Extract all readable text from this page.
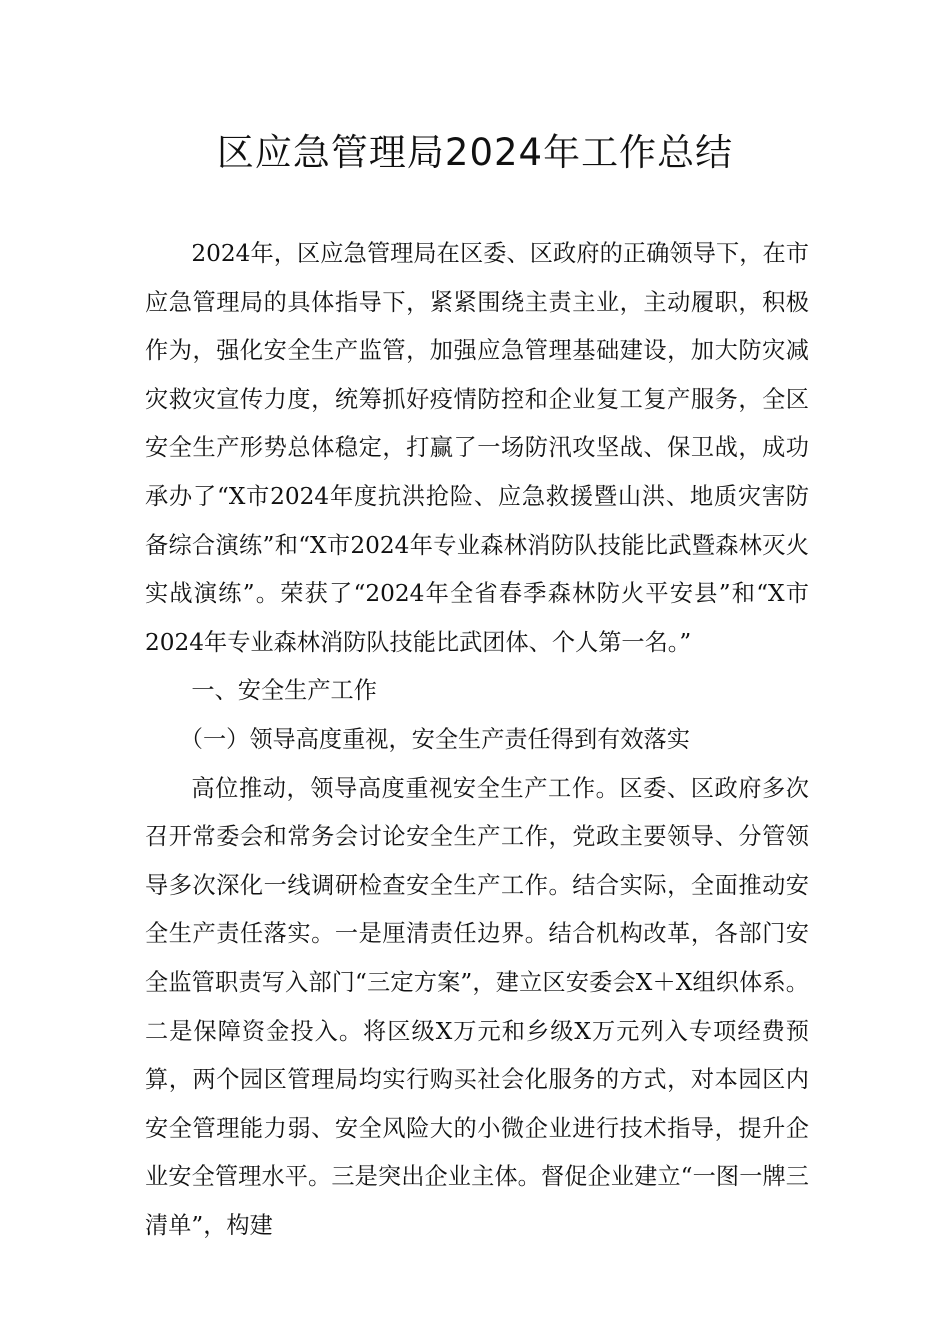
区应急管理局2024年工作总结

2024年，区应急管理局在区委、区政府的正确领导下，在市应急管理局的具体指导下，紧紧围绕主责主业，主动履职，积极作为，强化安全生产监管，加强应急管理基础建设，加大防灾减灾救灾宣传力度，统筹抓好疫情防控和企业复工复产服务，全区安全生产形势总体稳定，打赢了一场防汛攻坚战、保卫战，成功承办了“X市2024年度抗洪抢险、应急救援暨山洪、地质灾害防备综合演练”和“X市2024年专业森林消防队技能比武暨森林灭火实战演练”。荣获了“2024年全省春季森林防火平安县”和“X市2024年专业森林消防队技能比武团体、个人第一名。”

一、安全生产工作

（一）领导高度重视，安全生产责任得到有效落实

高位推动，领导高度重视安全生产工作。区委、区政府多次召开常委会和常务会讨论安全生产工作，党政主要领导、分管领导多次深化一线调研检查安全生产工作。结合实际，全面推动安全生产责任落实。一是厘清责任边界。结合机构改革，各部门安全监管职责写入部门“三定方案”，建立区安委会X＋X组织体系。二是保障资金投入。将区级X万元和乡级X万元列入专项经费预算，两个园区管理局均实行购买社会化服务的方式，对本园区内安全管理能力弱、安全风险大的小微企业进行技术指导，提升企业安全管理水平。三是突出企业主体。督促企业建立“一图一牌三清单”，构建
